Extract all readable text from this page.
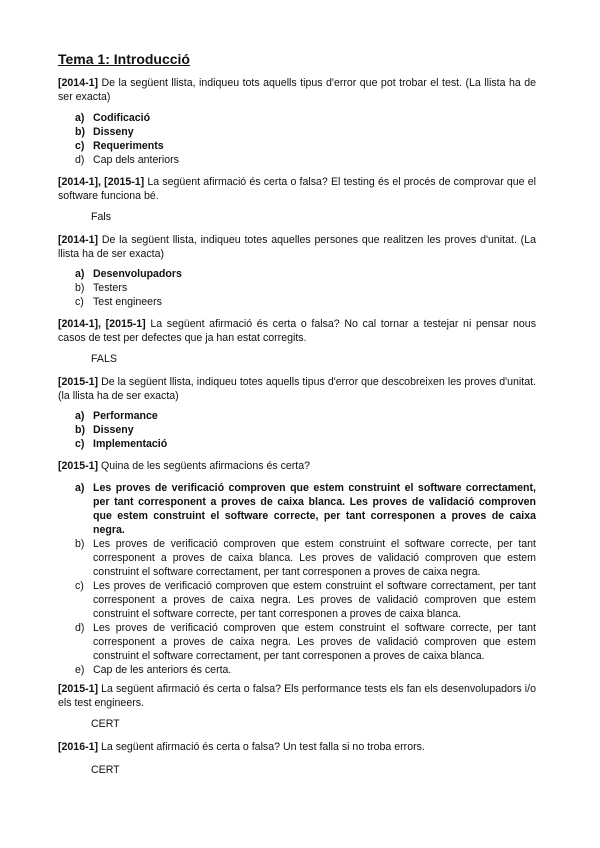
Tema 1: Introducció

[2014-1] De la següent llista, indiqueu tots aquells tipus d'error que pot trobar el test. (La llista ha de ser exacta)

a) Codificació
b) Disseny
c) Requeriments
d) Cap dels anteriors

[2014-1], [2015-1] La següent afirmació és certa o falsa? El testing és el procés de comprovar que el software funciona bé.

Fals

[2014-1] De la següent llista, indiqueu totes aquelles persones que realitzen les proves d'unitat. (La llista ha de ser exacta)

a) Desenvolupadors
b) Testers
c) Test engineers

[2014-1], [2015-1] La següent afirmació és certa o falsa? No cal tornar a testejar ni pensar nous casos de test per defectes que ja han estat corregits.

FALS

[2015-1] De la següent llista, indiqueu totes aquells tipus d'error que descobreixen les proves d'unitat. (la llista ha de ser exacta)

a) Performance
b) Disseny
c) Implementació

[2015-1] Quina de les següents afirmacions és certa?

a) Les proves de verificació comproven que estem construint el software correctament, per tant corresponent a proves de caixa blanca. Les proves de validació comproven que estem construint el software correcte, per tant corresponen a proves de caixa negra.
b) Les proves de verificació comproven que estem construint el software correcte, per tant corresponent a proves de caixa blanca. Les proves de validació comproven que estem construint el software correctament, per tant corresponen a proves de caixa negra.
c) Les proves de verificació comproven que estem construint el software correctament, per tant corresponent a proves de caixa negra. Les proves de validació comproven que estem construint el software correcte, per tant corresponen a proves de caixa blanca.
d) Les proves de verificació comproven que estem construint el software correcte, per tant corresponent a proves de caixa negra. Les proves de validació comproven que estem construint el software correctament, per tant corresponen a proves de caixa blanca.
e) Cap de les anteriors és certa.

[2015-1] La següent afirmació és certa o falsa? Els performance tests els fan els desenvolupadors i/o els test engineers.

CERT

[2016-1] La següent afirmació és certa o falsa? Un test falla si no troba errors.

CERT
